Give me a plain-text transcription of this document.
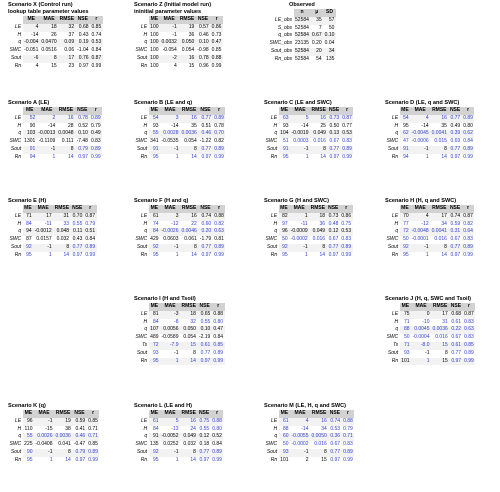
Scenario X (Control run)
lookup table parameter values
	ME	MAE	RMSE	NSE	r
LE	4	18	32	0.68	0.85
H	-14	26	37	0.43	0.74
q	-0.004	0.0470	0.09	0.19	0.53
SWC	-0.051	0.0516	0.06	-1.04	0.84
Sout	-6	8	17	0.76	0.87
Rn	4	15	23	0.97	0.99
Scenario Z (Initial model run)
ininitial parameter values
	ME	MAE	RMSE	NSE	r
LE	100	-1	19	0.57	0.86
H	100	-1	36	0.46	0.73
q	100	0.0032	0.050	0.10	0.47
SWC	100	-0.054	0.054	-0.98	0.85
Sout	100	-2	16	0.78	0.88
Rn	100	4	15	0.96	0.99
Scenario A (LE)
	ME	MAE	RMSE	NSE	r
LE	52	2	16	0.78	0.89
H	90	-14	28	0.52	0.79
q	103	-0.0013	0.0048	0.10	0.49
SWC	1301	-0.1109	0.111	-7.48	0.83
Sout	91	-1	8	0.79	0.89
Rn	94	1	14	0.97	0.99
Scenario B (LE and q)
	ME	MAE	RMSE	NSE	r
LE	54	3	16	0.77	0.89
H	93	-14	35	0.51	0.78
q	55	0.0028	0.0036	0.46	0.70
SWC	341	-0.0535	0.054	-1.22	0.82
Sout	91	-1	8	0.77	0.89
Rn	95	1	14	0.97	0.99
Scenario C (LE and SWC)
	ME	MAE	RMSE	NSE	r
LE	63	5	16	0.73	0.87
H	93	-14	25	0.50	0.77
q	104	-0.0019	0.049	0.13	0.53
SWC	51	0.0003	0.016	0.67	0.83
Sout	91	-1	8	0.77	0.89
Rn	95	1	14	0.97	0.99
Scenario D (LE, q and SWC)
	ME	MAE	RMSE	NSE	r
LE	54	4	16	0.77	0.89
H	95	-14	35	0.49	0.80
q	62	-0.0045	0.0041	0.39	0.62
SWC	47	-0.0006	0.015	0.69	0.84
Sout	91	-1	8	0.77	0.89
Rn	94	1	14	0.97	0.99
Scenario E (H)
	ME	MAE	RMSE	NSE	r
LE	71	17	31	0.70	0.87
H	84	-11	33	0.55	0.79
q	94	-0.0012	0.048	0.11	0.51
SWC	87	0.0157	0.032	0.43	0.84
Sout	92	-1	8	0.77	0.89
Rn	95	1	14	0.97	0.99
Scenario F (H and q)
	ME	MAE	RMSE	NSE	r
LE	61	3	16	0.74	0.88
H	74	-12	22	0.60	0.82
q	84	-0.0026	0.0046	0.20	0.63
SWC	429	0.0603	0.061	-1.79	0.81
Sout	92	-1	8	0.77	0.89
Rn	95	1	14	0.97	0.99
Scenario G (H and SWC)
	ME	MAE	RMSE	NSE	r
LE	82	1	18	0.73	0.86
H	97	-11	36	0.48	0.75
q	96	-0.0009	0.049	0.12	0.53
SWC	50	-0.0002	0.016	0.67	0.83
Sout	92	-1	8	0.77	0.89
Rn	95	1	14	0.97	0.99
Scenario H (H, q and SWC)
	ME	MAE	RMSE	NSE	r
LE	70	4	17	0.74	0.87
H	77	-12	34	0.59	0.82
q	72	-0.0048	0.0041	0.31	0.64
SWC	50	-0.0001	0.016	0.67	0.83
Sout	92	-1	8	0.77	0.89
Rn	95	1	14	0.97	0.99
Scenario I (H and Tsoil)
	ME	MAE	RMSE	NSE	r
LE	81	-3	18	0.65	0.88
H	84	-8	32	0.55	0.80
q	107	0.0056	0.050	0.10	0.47
SWC	489	-0.0589	0.054	-2.19	0.84
Ts	72	-7.9	15	0.61	0.85
Sout	93	-1	8	0.77	0.89
Rn	95	1	14	0.97	0.99
Scenario J (H, q, SWC and Tsoil)
	ME	MAE	RMSE	NSE	r
LE	75	0	17	0.68	0.87
H	71	-10	31	0.61	0.83
q	88	0.0045	0.0036	0.22	0.63
SWC	50	-0.0004	0.016	0.67	0.83
Ts	71	-8.0	15	0.61	0.85
Sout	93	-1	8	0.77	0.89
Rn	101	1	15	0.97	0.99
Scenario K (q)
	ME	MAE	RMSE	NSE	r
LE	96	-1	19	0.59	0.85
H	110	-15	38	0.41	0.71
q	55	0.0026	0.0036	0.46	0.71
SWC	225	-0.0408	0.041	-0.47	0.85
Sout	90	-1	8	0.79	0.89
Rn	95	1	14	0.97	0.99
Scenario L (LE and H)
	ME	MAE	RMSE	NSE	r
LE	61	5	16	0.75	0.88
H	84	-13	24	0.55	0.80
q	91	-0.0052	0.049	0.12	0.52
SWC	135	0.0252	0.032	0.18	0.84
Sout	92	-1	8	0.77	0.89
Rn	95	1	14	0.97	0.99
Scenario M (LE, H, q and SWC)
	ME	MAE	RMSE	NSE	r
LE	61	4	16	0.74	0.88
H	88	-14	34	0.53	0.79
q	60	-0.0055	0.0050	0.36	0.71
SWC	50	-0.0002	0.016	0.67	0.83
Sout	93	-1	8	0.77	0.89
Rn	101	2	15	0.97	0.99
Observed
	n	μ	SD
LE_obs	52584	35	57
S_obs	52584	7	50
q_obs	52584	0.67	0.10
SWC_obs	23135	0.20	0.04
Sout_obs	52584	20	34
Rn_obs	52584	54	135
